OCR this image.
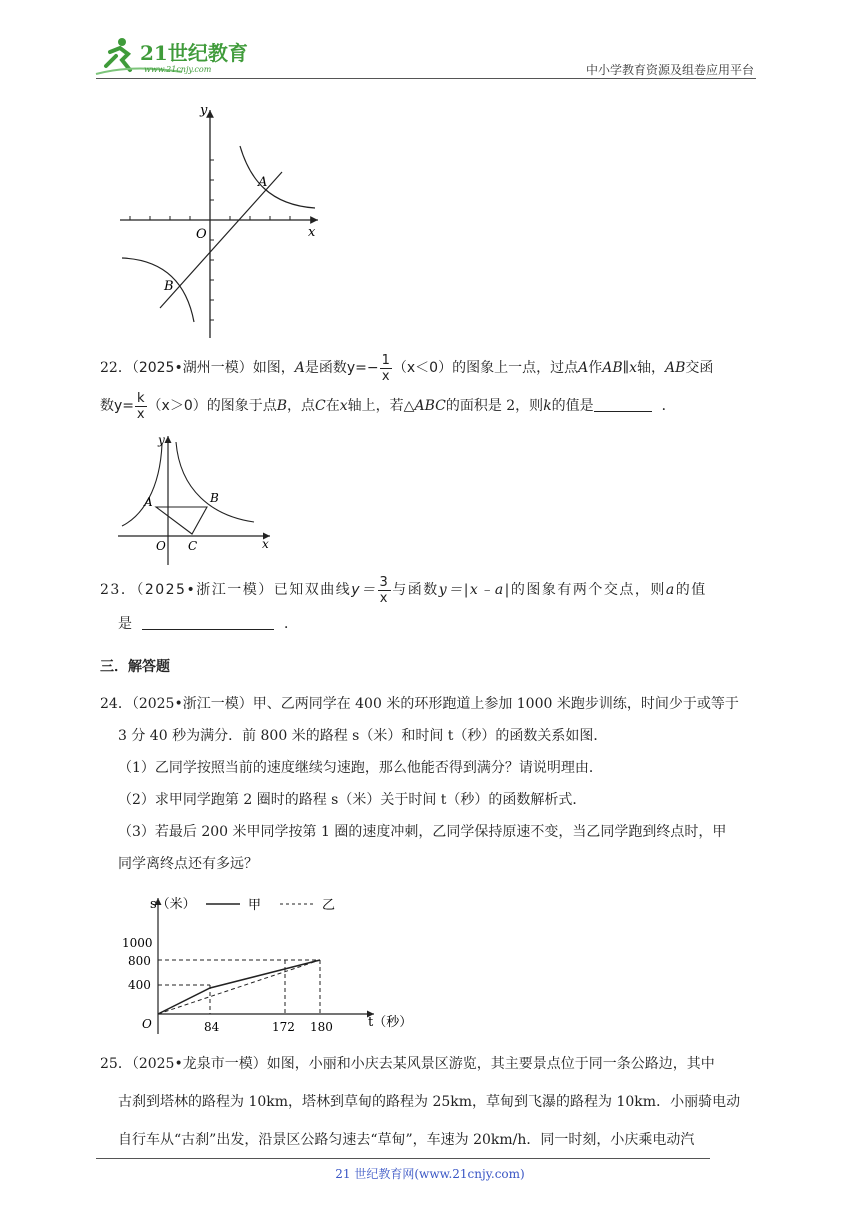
21世纪教育
www.21cnjy.com	中小学教育资源及组卷应用平台
y
x
O
A
B
22．（2025•湖州一模）如图，A是函数$y=- \frac{1}{x} (x<0)$的图象上一点，过点A作AB∥x轴，AB交函
数$y= \frac{k}{x} (x>0)$的图象于点B，点C在x轴上，若△ABC的面积是 2，则k的值是	．
y
x
O
A	B
C
23．（2025•浙江一模）已知双曲线$y= \frac{3}{x}$ 与函数y＝|x﹣a|的图象有两个交点，则a的值
是	．
三．解答题
24．（2025•浙江一模）甲、乙两同学在 400 米的环形跑道上参加 1000 米跑步训练，时间少于或等于
3 分 40 秒为满分．前 800 米的路程 s（米）和时间 t（秒）的函数关系如图．
（1）乙同学按照当前的速度继续匀速跑，那么他能否得到满分？请说明理由．
（2）求甲同学跑第 2 圈时的路程 s（米）关于时间 t（秒）的函数解析式．
（3）若最后 200 米甲同学按第 1 圈的速度冲刺，乙同学保持原速不变，当乙同学跑到终点时，甲
同学离终点还有多远？
s（米）	甲	乙
1000
800
400
O	84	172 180	t（秒）
25．（2025•龙泉市一模）如图，小丽和小庆去某风景区游览，其主要景点位于同一条公路边，其中
古刹到塔林的路程为 10km，塔林到草甸的路程为 25km，草甸到飞瀑的路程为 10km．小丽骑电动
自行车从“古刹”出发，沿景区公路匀速去“草甸”，车速为 20km/h．同一时刻，小庆乘电动汽
21 世纪教育网(www.21cnjy.com)
